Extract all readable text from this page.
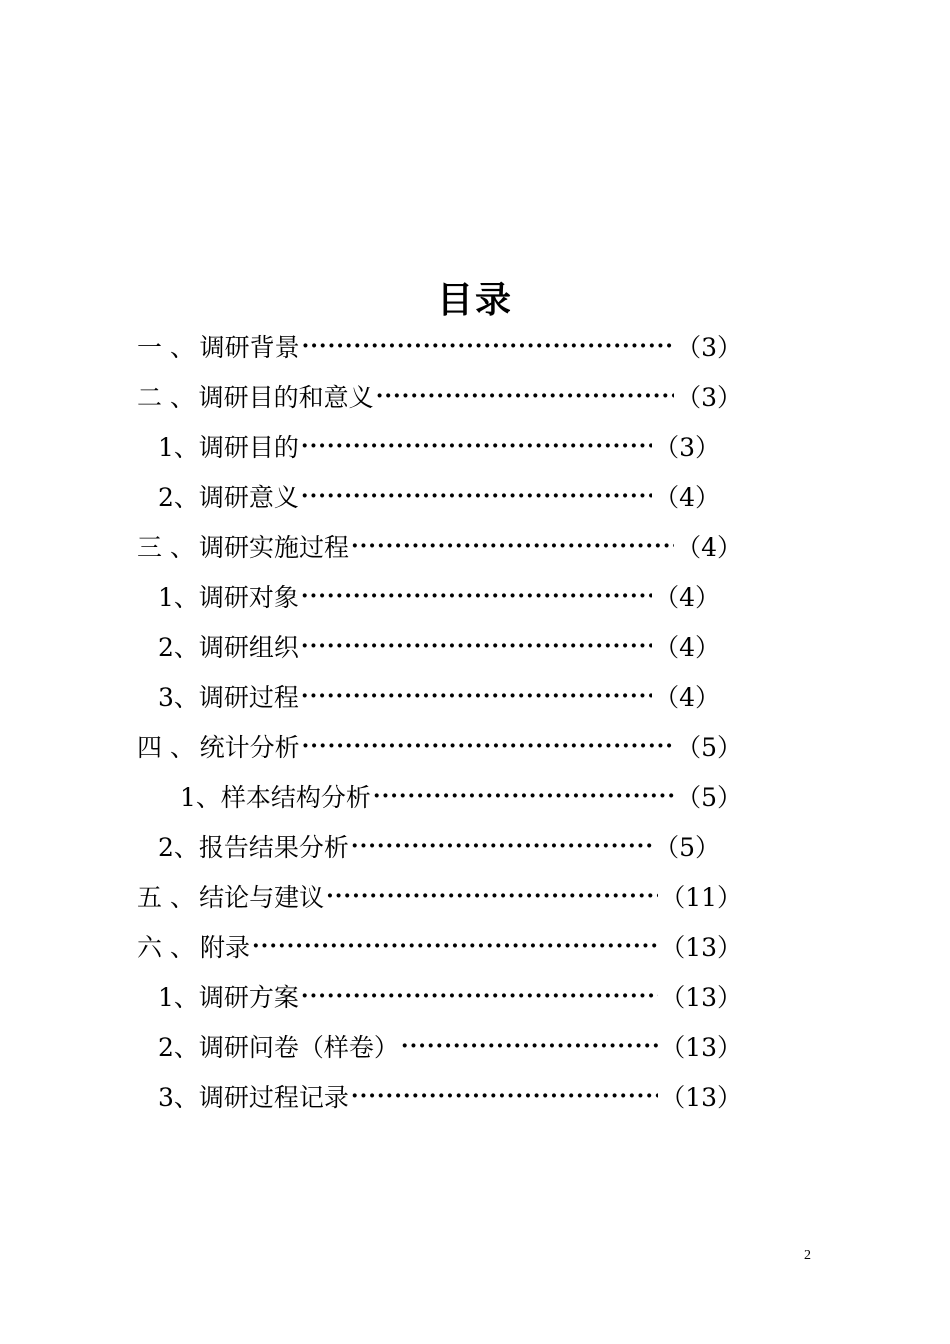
目录
一 、 调研背景 ·····	（3）
二 、 调研目的和意义 ·····	（3）
1、 调研目的 ·····	（3）
2、 调研意义 ·····	（4）
三 、 调研实施过程 ·····	（4）
1、 调研对象 ·····	（4）
2、 调研组织 ·····	（4）
3、 调研过程 ·····	（4）
四 、 统计分析 ·····	（5）
1、 样本结构分析 ·····	（5）
2、 报告结果分析 ·····	（5）
五 、 结论与建议 ·····	（11）
六 、 附录 ·····	（13）
1、 调研方案 ·····	（13）
2、 调研问卷（样卷） ·····	（13）
3、 调研过程记录 ·····	（13）
2
